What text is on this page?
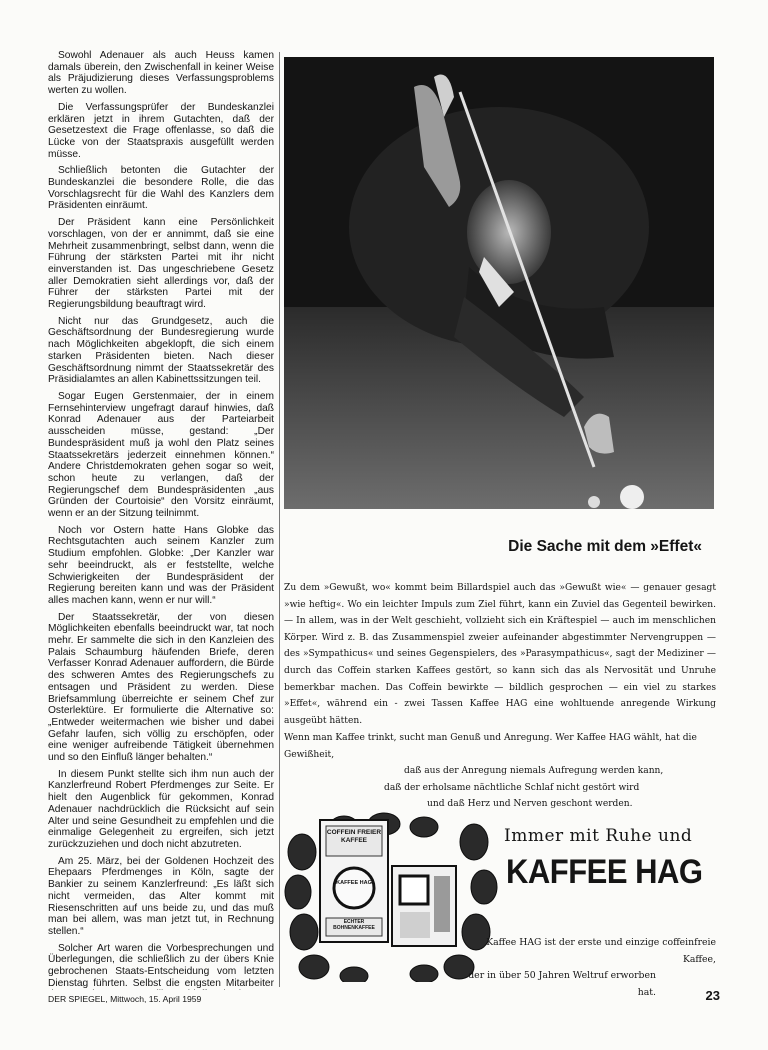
Sowohl Adenauer als auch Heuss kamen damals überein, den Zwischenfall in keiner Weise als Präjudizierung dieses Verfassungsproblems werten zu wollen.

Die Verfassungsprüfer der Bundeskanzlei erklären jetzt in ihrem Gutachten, daß der Gesetzestext die Frage offenlasse, so daß die Lücke von der Staatspraxis ausgefüllt werden müsse.

Schließlich betonten die Gutachter der Bundeskanzlei die besondere Rolle, die das Vorschlagsrecht für die Wahl des Kanzlers dem Präsidenten einräumt.

Der Präsident kann eine Persönlichkeit vorschlagen, von der er annimmt, daß sie eine Mehrheit zusammenbringt, selbst dann, wenn die Führung der stärksten Partei mit ihr nicht einverstanden ist. Das ungeschriebene Gesetz aller Demokratien sieht allerdings vor, daß der Führer der stärksten Partei mit der Regierungsbildung beauftragt wird.

Nicht nur das Grundgesetz, auch die Geschäftsordnung der Bundesregierung wurde nach Möglichkeiten abgeklopft, die sich einem starken Präsidenten bieten. Nach dieser Geschäftsordnung nimmt der Staatssekretär des Präsidialamtes an allen Kabinettssitzungen teil.

Sogar Eugen Gerstenmaier, der in einem Fernsehinterview ungefragt darauf hinwies, daß Konrad Adenauer aus der Parteiarbeit ausscheiden müsse, gestand: „Der Bundespräsident muß ja wohl den Platz seines Staatssekretärs jederzeit einnehmen können.“ Andere Christdemokraten gehen sogar so weit, schon heute zu verlangen, daß der Regierungschef dem Bundespräsidenten „aus Gründen der Courtoisie“ den Vorsitz einräumt, wenn er an der Sitzung teilnimmt.

Noch vor Ostern hatte Hans Globke das Rechtsgutachten auch seinem Kanzler zum Studium empfohlen. Globke: „Der Kanzler war sehr beeindruckt, als er feststellte, welche Schwierigkeiten der Bundespräsident der Regierung bereiten kann und was der Präsident alles machen kann, wenn er nur will.“

Der Staatssekretär, der von diesen Möglichkeiten ebenfalls beeindruckt war, tat noch mehr. Er sammelte die sich in den Kanzleien des Palais Schaumburg häufenden Briefe, deren Verfasser Konrad Adenauer auffordern, die Bürde des schweren Amtes des Regierungschefs zu entsagen und Präsident zu werden. Diese Briefsammlung überreichte er seinem Chef zur Osterlektüre. Er formulierte die Alternative so: „Entweder weitermachen wie bisher und dabei Gefahr laufen, sich völlig zu erschöpfen, oder eine weniger aufreibende Tätigkeit übernehmen und so den Einfluß länger behalten.“

In diesem Punkt stellte sich ihm nun auch der Kanzlerfreund Robert Pferdmenges zur Seite. Er hielt den Augenblick für gekommen, Konrad Adenauer nachdrücklich die Rücksicht auf sein Alter und seine Gesundheit zu empfehlen und die einmalige Gelegenheit zu ergreifen, sich jetzt zurückzuziehen und doch nicht abzutreten.

Am 25. März, bei der Goldenen Hochzeit des Ehepaars Pferdmenges in Köln, sagte der Bankier zu seinem Kanzlerfreund: „Es läßt sich nicht vermeiden, das Alter kommt mit Riesenschritten auf uns beide zu, und das muß man bei allem, was man jetzt tut, in Rechnung stellen.“

Solcher Art waren die Vorbesprechungen und Überlegungen, die schließlich zu der übers Knie gebrochenen Staats-Entscheidung vom letzten Dienstag führten. Selbst die engsten Mitarbeiter

Die Sache mit dem »Effet«
Zu dem »Gewußt, wo« kommt beim Billardspiel auch das »Gewußt wie« — genauer gesagt »wie heftig«. Wo ein leichter Impuls zum Ziel führt, kann ein Zuviel das Gegenteil bewirken. — In allem, was in der Welt geschieht, vollzieht sich ein Kräftespiel — auch im menschlichen Körper. Wird z. B. das Zusammenspiel zweier aufeinander abgestimmter Nervengruppen — des »Sympathicus« und seines Gegenspielers, des »Parasympathicus«, sagt der Mediziner — durch das Coffein starken Kaffees gestört, so kann sich das als Nervosität und Unruhe bemerkbar machen. Das Coffein bewirkte — bildlich gesprochen — ein viel zu starkes »Effet«, während ein - zwei Tassen Kaffee HAG eine wohltuende anregende Wirkung ausgeübt hätten.
Wenn man Kaffee trinkt, sucht man Genuß und Anregung. Wer Kaffee HAG wählt, hat die Gewißheit,
daß aus der Anregung niemals Aufregung werden kann,
daß der erholsame nächtliche Schlaf nicht gestört wird
und daß Herz und Nerven geschont werden.
COFFEIN FREIER KAFFEE
KAFFEE HAG
ECHTER BOHNENKAFFEE
Immer mit Ruhe und
KAFFEE HAG
Kaffee HAG ist der erste und einzige coffeinfreie Kaffee,
der in über 50 Jahren Weltruf erworben hat.
DER SPIEGEL, Mittwoch, 15. April 1959	23
